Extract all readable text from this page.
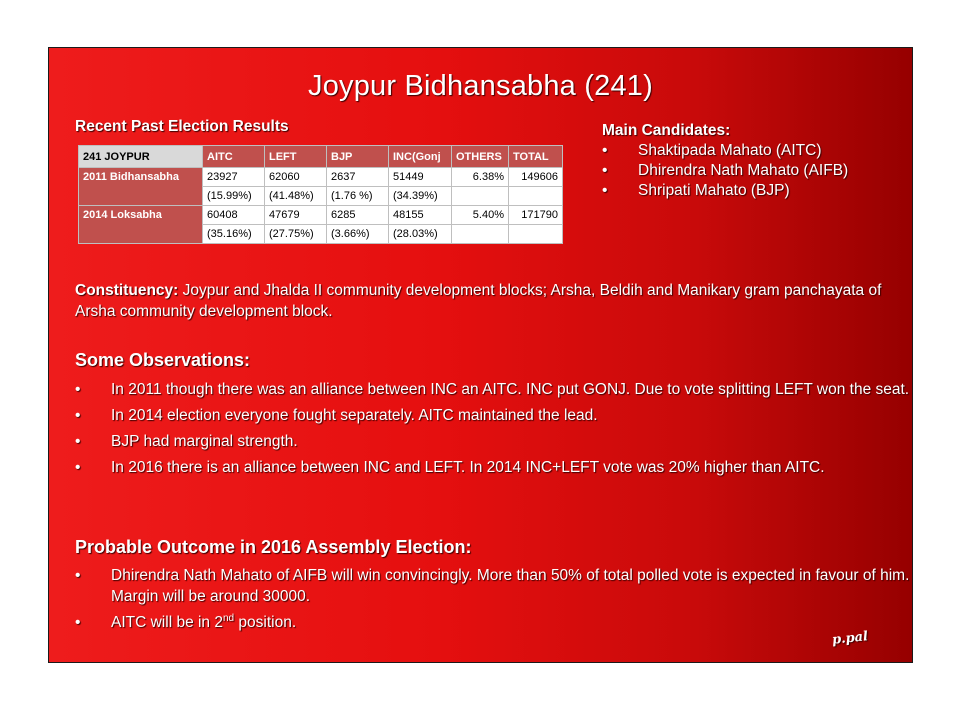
Joypur Bidhansabha (241)
Recent Past Election Results
241 JOYPUR	AITC	LEFT	BJP	INC(Gonj	OTHERS	TOTAL
2011 Bidhansabha	23927	62060	2637	51449	6.38%	149606
	(15.99%)	(41.48%)	(1.76 %)	(34.39%)		
2014 Loksabha	60408	47679	6285	48155	5.40%	171790
	(35.16%)	(27.75%)	(3.66%)	(28.03%)		
Main Candidates:
• Shaktipada Mahato (AITC)
• Dhirendra Nath Mahato (AIFB)
• Shripati Mahato (BJP)
Constituency: Joypur and Jhalda II community development blocks; Arsha, Beldih and Manikary gram panchayata of Arsha community development block.
Some Observations:
• In 2011 though there was an alliance between INC an AITC. INC put GONJ. Due to vote splitting LEFT won the seat.
• In 2014 election everyone fought separately. AITC maintained the lead.
• BJP had marginal strength.
• In 2016 there is an alliance between INC and LEFT. In 2014 INC+LEFT vote was 20% higher than AITC.
Probable Outcome in 2016 Assembly Election:
• Dhirendra Nath Mahato of AIFB will win convincingly. More than 50% of total polled vote is expected in favour of him. Margin will be around 30000.
• AITC will be in 2nd position.
p.pal
